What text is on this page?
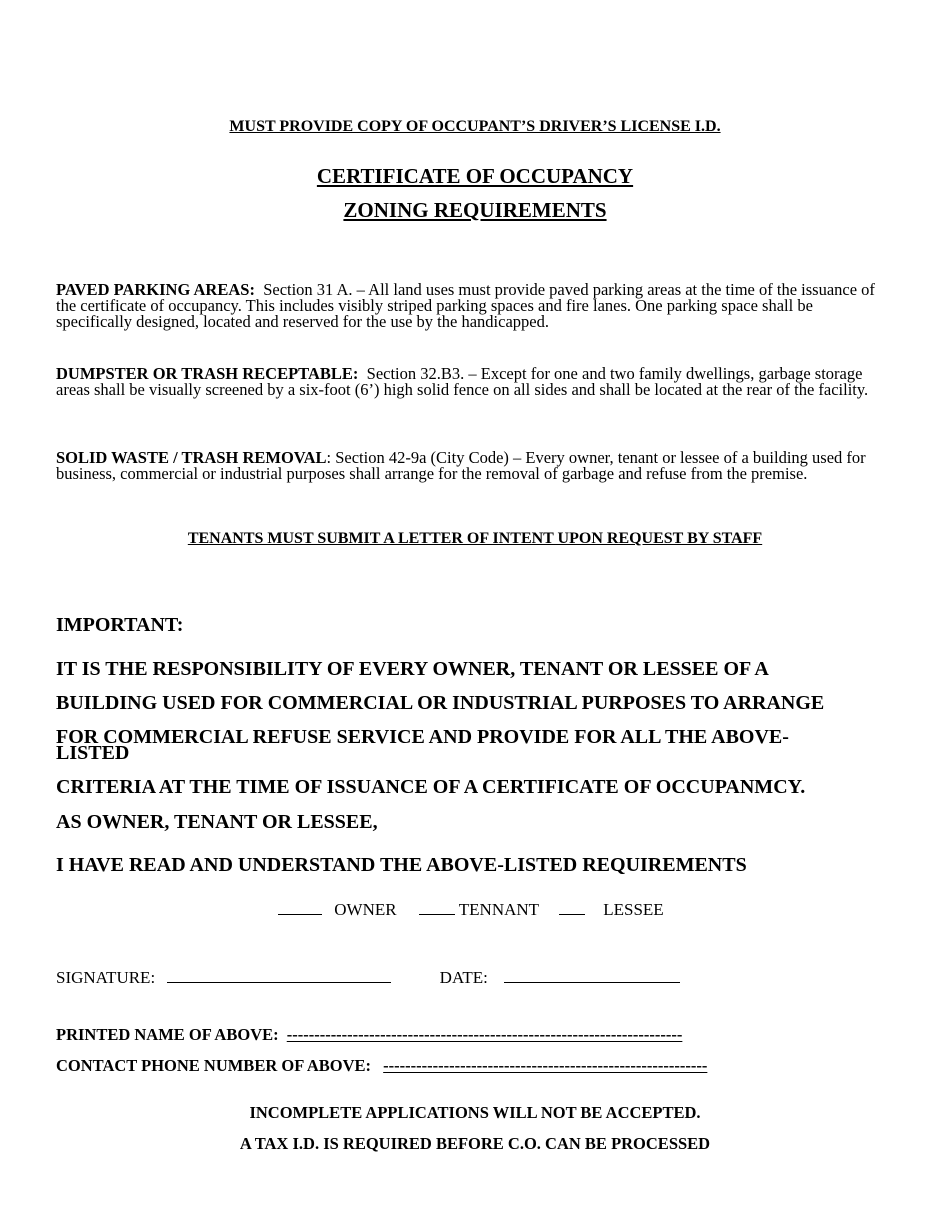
MUST PROVIDE COPY OF OCCUPANT’S DRIVER’S LICENSE I.D.
CERTIFICATE OF OCCUPANCY
ZONING REQUIREMENTS
PAVED PARKING AREAS: Section 31 A. – All land uses must provide paved parking areas at the time of the issuance of the certificate of occupancy. This includes visibly striped parking spaces and fire lanes. One parking space shall be specifically designed, located and reserved for the use by the handicapped.
DUMPSTER OR TRASH RECEPTABLE: Section 32.B3. – Except for one and two family dwellings, garbage storage areas shall be visually screened by a six-foot (6’) high solid fence on all sides and shall be located at the rear of the facility.
SOLID WASTE / TRASH REMOVAL: Section 42-9a (City Code) – Every owner, tenant or lessee of a building used for business, commercial or industrial purposes shall arrange for the removal of garbage and refuse from the premise.
TENANTS MUST SUBMIT A LETTER OF INTENT UPON REQUEST BY STAFF
IMPORTANT:
IT IS THE RESPONSIBILITY OF EVERY OWNER, TENANT OR LESSEE OF A
BUILDING USED FOR COMMERCIAL OR INDUSTRIAL PURPOSES TO ARRANGE
FOR COMMERCIAL REFUSE SERVICE AND PROVIDE FOR ALL THE ABOVE-
LISTED
CRITERIA AT THE TIME OF ISSUANCE OF A CERTIFICATE OF OCCUPANMCY.
AS OWNER, TENANT OR LESSEE,
I HAVE READ AND UNDERSTAND THE ABOVE-LISTED REQUIREMENTS
OWNER	TENNANT	LESSEE
SIGNATURE:	DATE:
PRINTED NAME OF ABOVE: ------------------------------------------------------------------------
CONTACT PHONE NUMBER OF ABOVE: -----------------------------------------------------------
INCOMPLETE APPLICATIONS WILL NOT BE ACCEPTED.
A TAX I.D. IS REQUIRED BEFORE C.O. CAN BE PROCESSED
